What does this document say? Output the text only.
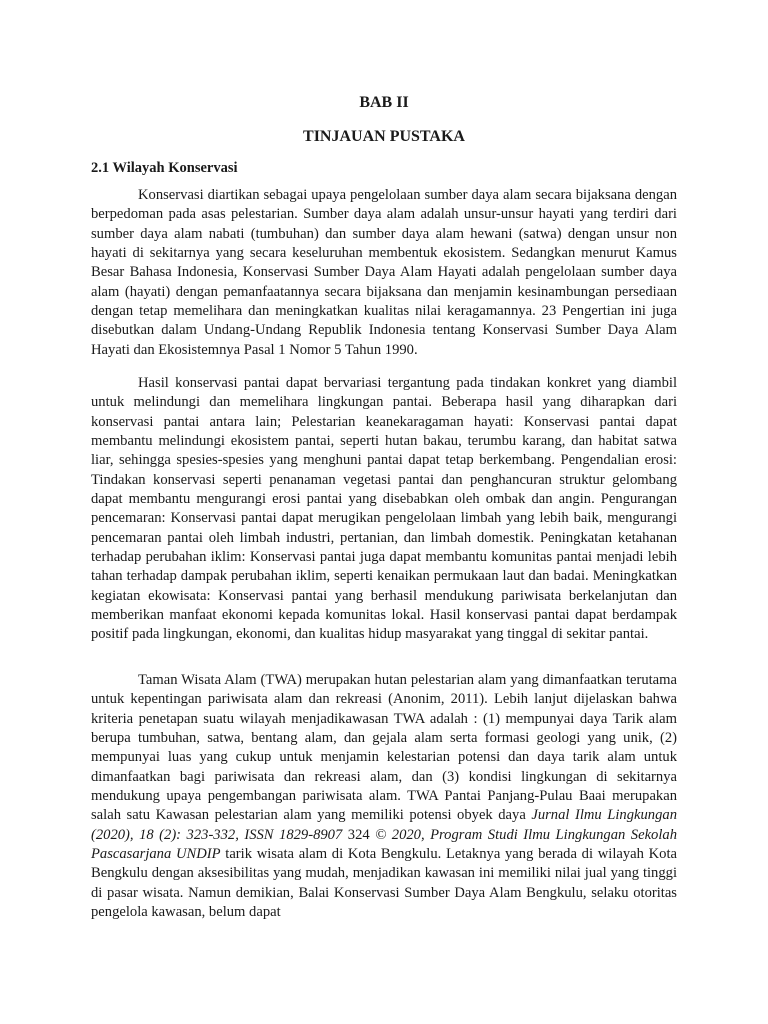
BAB II
TINJAUAN PUSTAKA
2.1 Wilayah Konservasi

Konservasi diartikan sebagai upaya pengelolaan sumber daya alam secara bijaksana dengan berpedoman pada asas pelestarian. Sumber daya alam adalah unsur-unsur hayati yang terdiri dari sumber daya alam nabati (tumbuhan) dan sumber daya alam hewani (satwa) dengan unsur non hayati di sekitarnya yang secara keseluruhan membentuk ekosistem. Sedangkan menurut Kamus Besar Bahasa Indonesia, Konservasi Sumber Daya Alam Hayati adalah pengelolaan sumber daya alam (hayati) dengan pemanfaatannya secara bijaksana dan menjamin kesinambungan persediaan dengan tetap memelihara dan meningkatkan kualitas nilai keragamannya. 23 Pengertian ini juga disebutkan dalam Undang-Undang Republik Indonesia tentang Konservasi Sumber Daya Alam Hayati dan Ekosistemnya Pasal 1 Nomor 5 Tahun 1990.

Hasil konservasi pantai dapat bervariasi tergantung pada tindakan konkret yang diambil untuk melindungi dan memelihara lingkungan pantai. Beberapa hasil yang diharapkan dari konservasi pantai antara lain; Pelestarian keanekaragaman hayati: Konservasi pantai dapat membantu melindungi ekosistem pantai, seperti hutan bakau, terumbu karang, dan habitat satwa liar, sehingga spesies-spesies yang menghuni pantai dapat tetap berkembang. Pengendalian erosi: Tindakan konservasi seperti penanaman vegetasi pantai dan penghancuran struktur gelombang dapat membantu mengurangi erosi pantai yang disebabkan oleh ombak dan angin. Pengurangan pencemaran: Konservasi pantai dapat merugikan pengelolaan limbah yang lebih baik, mengurangi pencemaran pantai oleh limbah industri, pertanian, dan limbah domestik. Peningkatan ketahanan terhadap perubahan iklim: Konservasi pantai juga dapat membantu komunitas pantai menjadi lebih tahan terhadap dampak perubahan iklim, seperti kenaikan permukaan laut dan badai. Meningkatkan kegiatan ekowisata: Konservasi pantai yang berhasil mendukung pariwisata berkelanjutan dan memberikan manfaat ekonomi kepada komunitas lokal. Hasil konservasi pantai dapat berdampak positif pada lingkungan, ekonomi, dan kualitas hidup masyarakat yang tinggal di sekitar pantai.

Taman Wisata Alam (TWA) merupakan hutan pelestarian alam yang dimanfaatkan terutama untuk kepentingan pariwisata alam dan rekreasi (Anonim, 2011). Lebih lanjut dijelaskan bahwa kriteria penetapan suatu wilayah menjadikawasan TWA adalah : (1) mempunyai daya Tarik alam berupa tumbuhan, satwa, bentang alam, dan gejala alam serta formasi geologi yang unik, (2) mempunyai luas yang cukup untuk menjamin kelestarian potensi dan daya tarik alam untuk dimanfaatkan bagi pariwisata dan rekreasi alam, dan (3) kondisi lingkungan di sekitarnya mendukung upaya pengembangan pariwisata alam. TWA Pantai Panjang-Pulau Baai merupakan salah satu Kawasan pelestarian alam yang memiliki potensi obyek daya Jurnal Ilmu Lingkungan (2020), 18 (2): 323-332, ISSN 1829-8907 324 © 2020, Program Studi Ilmu Lingkungan Sekolah Pascasarjana UNDIP tarik wisata alam di Kota Bengkulu. Letaknya yang berada di wilayah Kota Bengkulu dengan aksesibilitas yang mudah, menjadikan kawasan ini memiliki nilai jual yang tinggi di pasar wisata. Namun demikian, Balai Konservasi Sumber Daya Alam Bengkulu, selaku otoritas pengelola kawasan, belum dapat
